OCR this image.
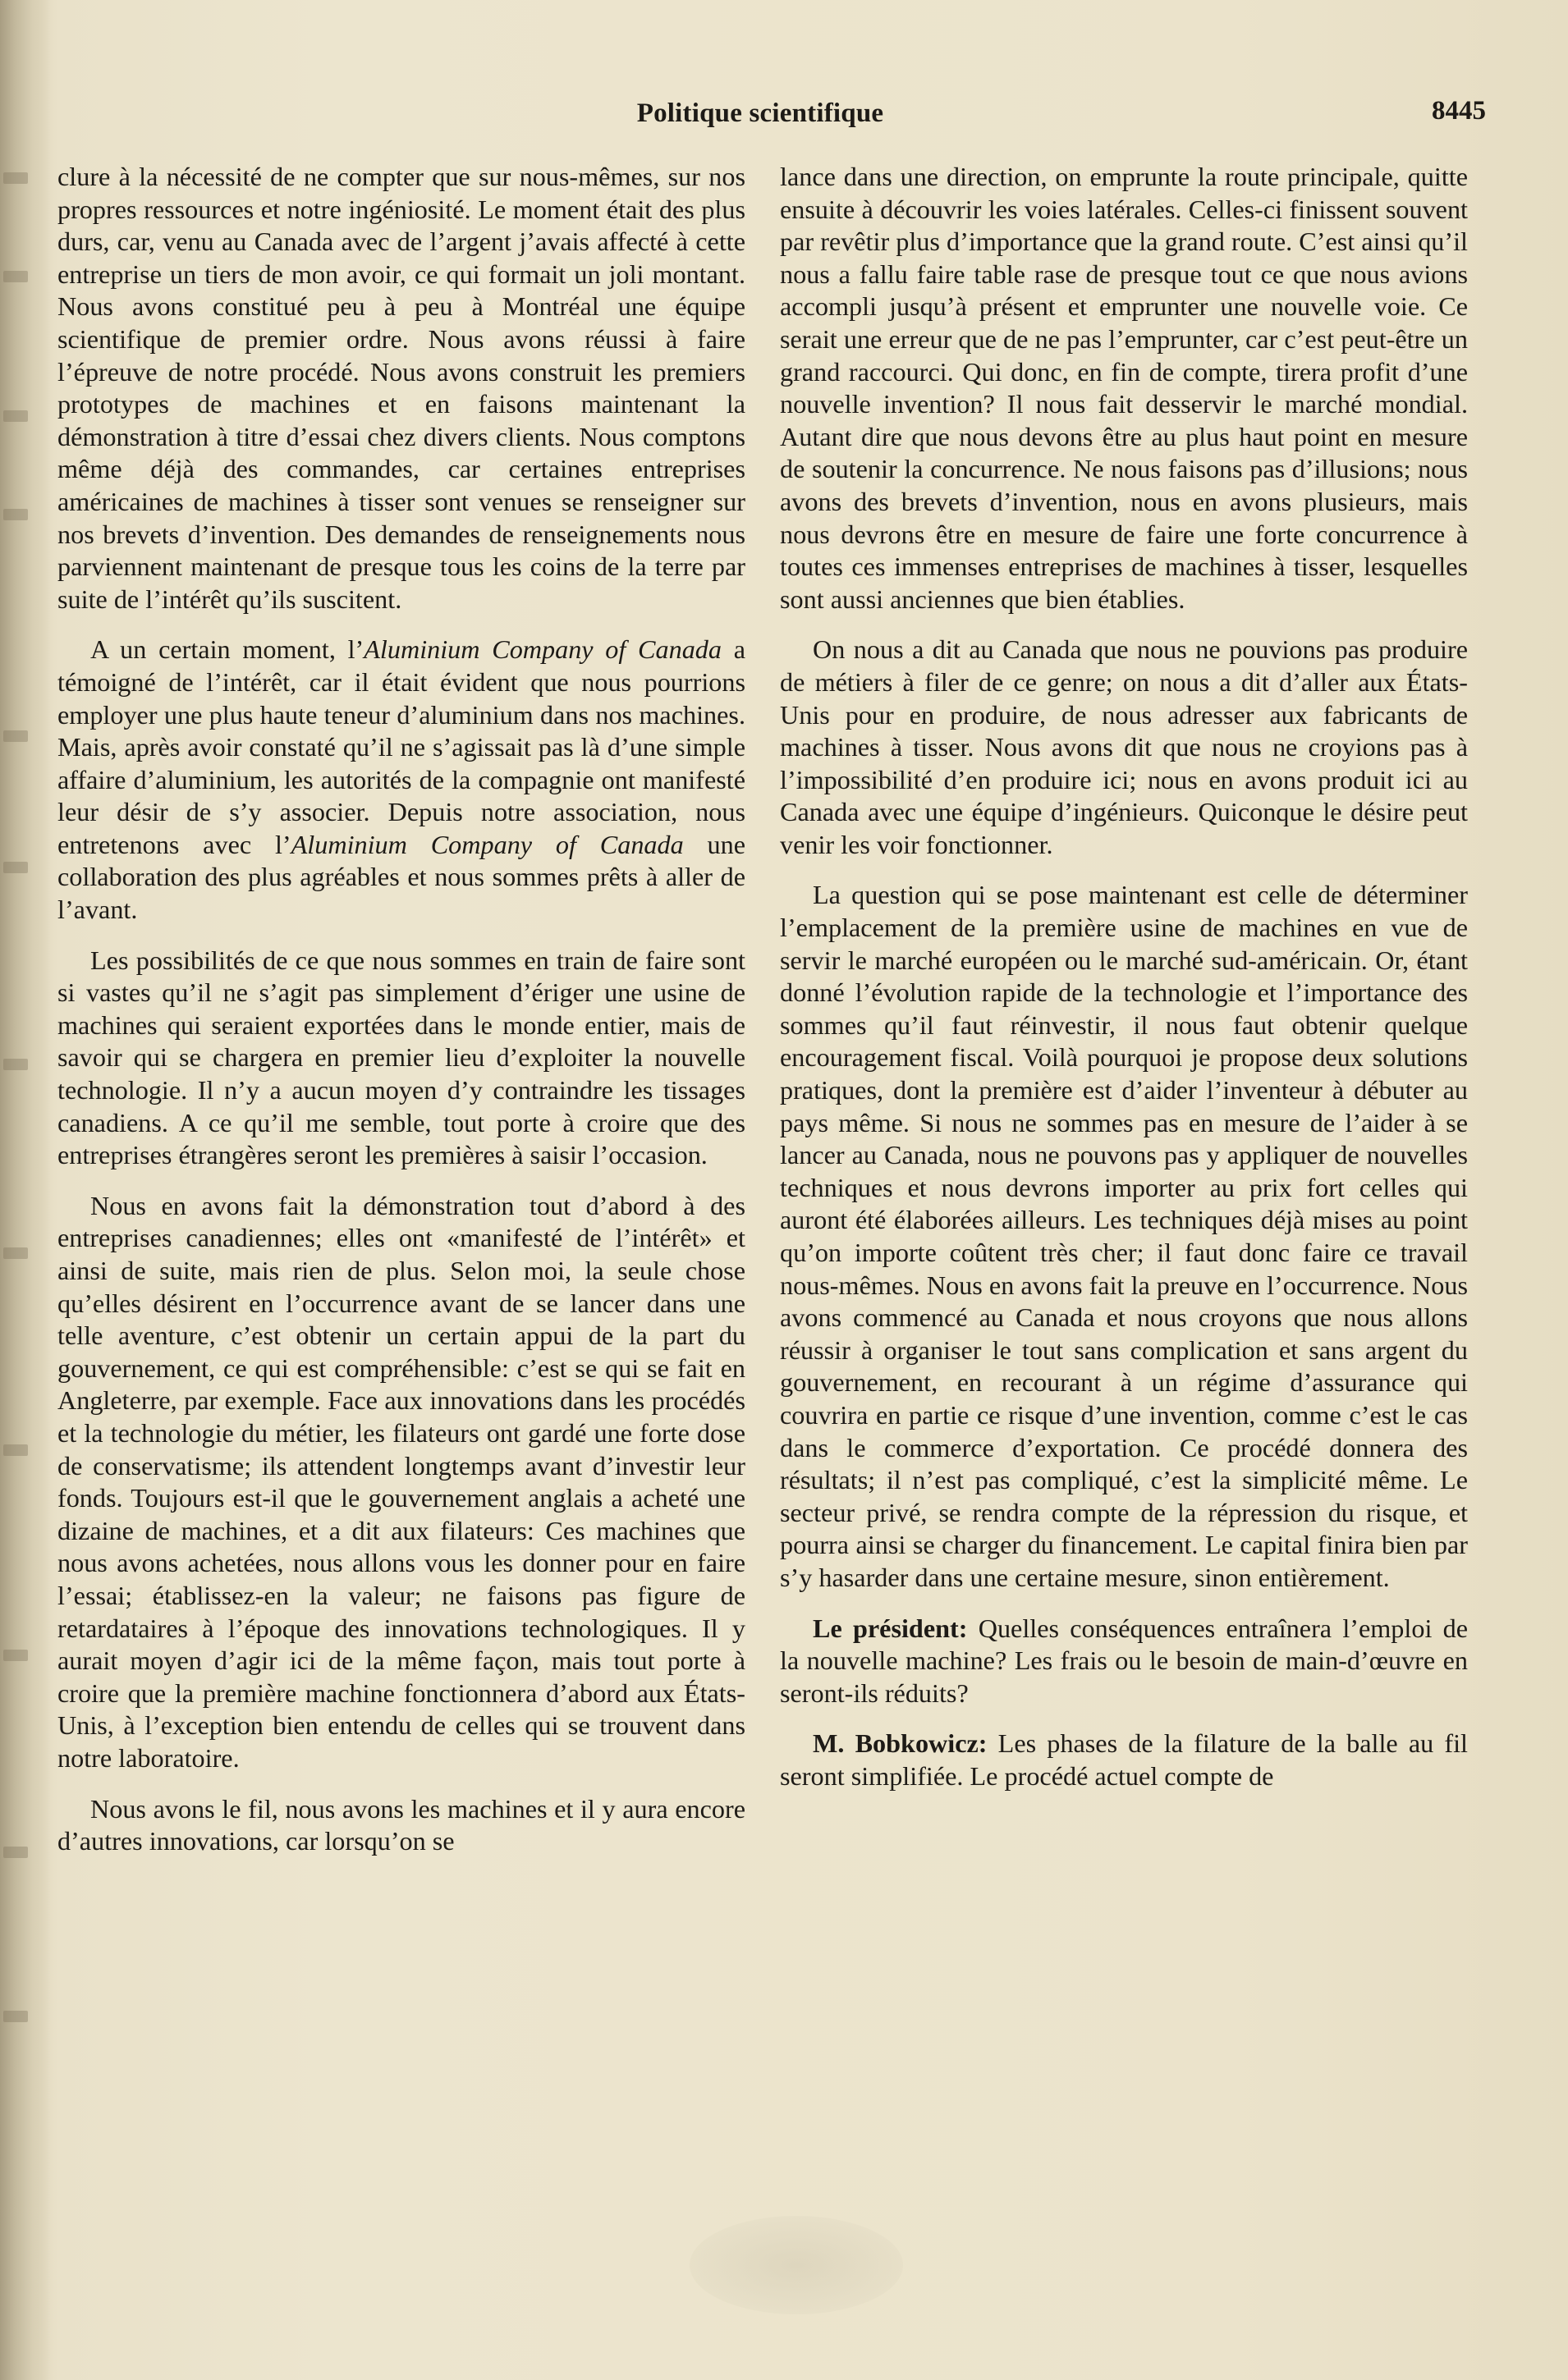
Politique scientifique	8445

clure à la nécessité de ne compter que sur nous-mêmes, sur nos propres ressources et notre ingéniosité. Le moment était des plus durs, car, venu au Canada avec de l’argent j’avais affecté à cette entreprise un tiers de mon avoir, ce qui formait un joli montant. Nous avons constitué peu à peu à Montréal une équipe scientifique de premier ordre. Nous avons réussi à faire l’épreuve de notre procédé. Nous avons construit les premiers prototypes de machines et en faisons maintenant la démonstration à titre d’essai chez divers clients. Nous comptons même déjà des commandes, car certaines entreprises américaines de machines à tisser sont venues se renseigner sur nos brevets d’invention. Des demandes de renseignements nous parviennent maintenant de presque tous les coins de la terre par suite de l’intérêt qu’ils suscitent.

A un certain moment, l’Aluminium Company of Canada a témoigné de l’intérêt, car il était évident que nous pourrions employer une plus haute teneur d’aluminium dans nos machines. Mais, après avoir constaté qu’il ne s’agissait pas là d’une simple affaire d’aluminium, les autorités de la compagnie ont manifesté leur désir de s’y associer. Depuis notre association, nous entretenons avec l’Aluminium Company of Canada une collaboration des plus agréables et nous sommes prêts à aller de l’avant.

Les possibilités de ce que nous sommes en train de faire sont si vastes qu’il ne s’agit pas simplement d’ériger une usine de machines qui seraient exportées dans le monde entier, mais de savoir qui se chargera en premier lieu d’exploiter la nouvelle technologie. Il n’y a aucun moyen d’y contraindre les tissages canadiens. A ce qu’il me semble, tout porte à croire que des entreprises étrangères seront les premières à saisir l’occasion.

Nous en avons fait la démonstration tout d’abord à des entreprises canadiennes; elles ont «manifesté de l’intérêt» et ainsi de suite, mais rien de plus. Selon moi, la seule chose qu’elles désirent en l’occurrence avant de se lancer dans une telle aventure, c’est obtenir un certain appui de la part du gouvernement, ce qui est compréhensible: c’est se qui se fait en Angleterre, par exemple. Face aux innovations dans les procédés et la technologie du métier, les filateurs ont gardé une forte dose de conservatisme; ils attendent longtemps avant d’investir leur fonds. Toujours est-il que le gouvernement anglais a acheté une dizaine de machines, et a dit aux filateurs: Ces machines que nous avons achetées, nous allons vous les donner pour en faire l’essai; établissez-en la valeur; ne faisons pas figure de retardataires à l’époque des innovations technologiques. Il y aurait moyen d’agir ici de la même façon, mais tout porte à croire que la première machine fonctionnera d’abord aux États-Unis, à l’exception bien entendu de celles qui se trouvent dans notre laboratoire.

Nous avons le fil, nous avons les machines et il y aura encore d’autres innovations, car lorsqu’on se

lance dans une direction, on emprunte la route principale, quitte ensuite à découvrir les voies latérales. Celles-ci finissent souvent par revêtir plus d’importance que la grand route. C’est ainsi qu’il nous a fallu faire table rase de presque tout ce que nous avions accompli jusqu’à présent et emprunter une nouvelle voie. Ce serait une erreur que de ne pas l’emprunter, car c’est peut-être un grand raccourci. Qui donc, en fin de compte, tirera profit d’une nouvelle invention? Il nous fait desservir le marché mondial. Autant dire que nous devons être au plus haut point en mesure de soutenir la concurrence. Ne nous faisons pas d’illusions; nous avons des brevets d’invention, nous en avons plusieurs, mais nous devrons être en mesure de faire une forte concurrence à toutes ces immenses entreprises de machines à tisser, lesquelles sont aussi anciennes que bien établies.

On nous a dit au Canada que nous ne pouvions pas produire de métiers à filer de ce genre; on nous a dit d’aller aux États-Unis pour en produire, de nous adresser aux fabricants de machines à tisser. Nous avons dit que nous ne croyions pas à l’impossibilité d’en produire ici; nous en avons produit ici au Canada avec une équipe d’ingénieurs. Quiconque le désire peut venir les voir fonctionner.

La question qui se pose maintenant est celle de déterminer l’emplacement de la première usine de machines en vue de servir le marché européen ou le marché sud-américain. Or, étant donné l’évolution rapide de la technologie et l’importance des sommes qu’il faut réinvestir, il nous faut obtenir quelque encouragement fiscal. Voilà pourquoi je propose deux solutions pratiques, dont la première est d’aider l’inventeur à débuter au pays même. Si nous ne sommes pas en mesure de l’aider à se lancer au Canada, nous ne pouvons pas y appliquer de nouvelles techniques et nous devrons importer au prix fort celles qui auront été élaborées ailleurs. Les techniques déjà mises au point qu’on importe coûtent très cher; il faut donc faire ce travail nous-mêmes. Nous en avons fait la preuve en l’occurrence. Nous avons commencé au Canada et nous croyons que nous allons réussir à organiser le tout sans complication et sans argent du gouvernement, en recourant à un régime d’assurance qui couvrira en partie ce risque d’une invention, comme c’est le cas dans le commerce d’exportation. Ce procédé donnera des résultats; il n’est pas compliqué, c’est la simplicité même. Le secteur privé, se rendra compte de la répression du risque, et pourra ainsi se charger du financement. Le capital finira bien par s’y hasarder dans une certaine mesure, sinon entièrement.

Le président: Quelles conséquences entraînera l’emploi de la nouvelle machine? Les frais ou le besoin de main-d’œuvre en seront-ils réduits?

M. Bobkowicz: Les phases de la filature de la balle au fil seront simplifiée. Le procédé actuel compte de
